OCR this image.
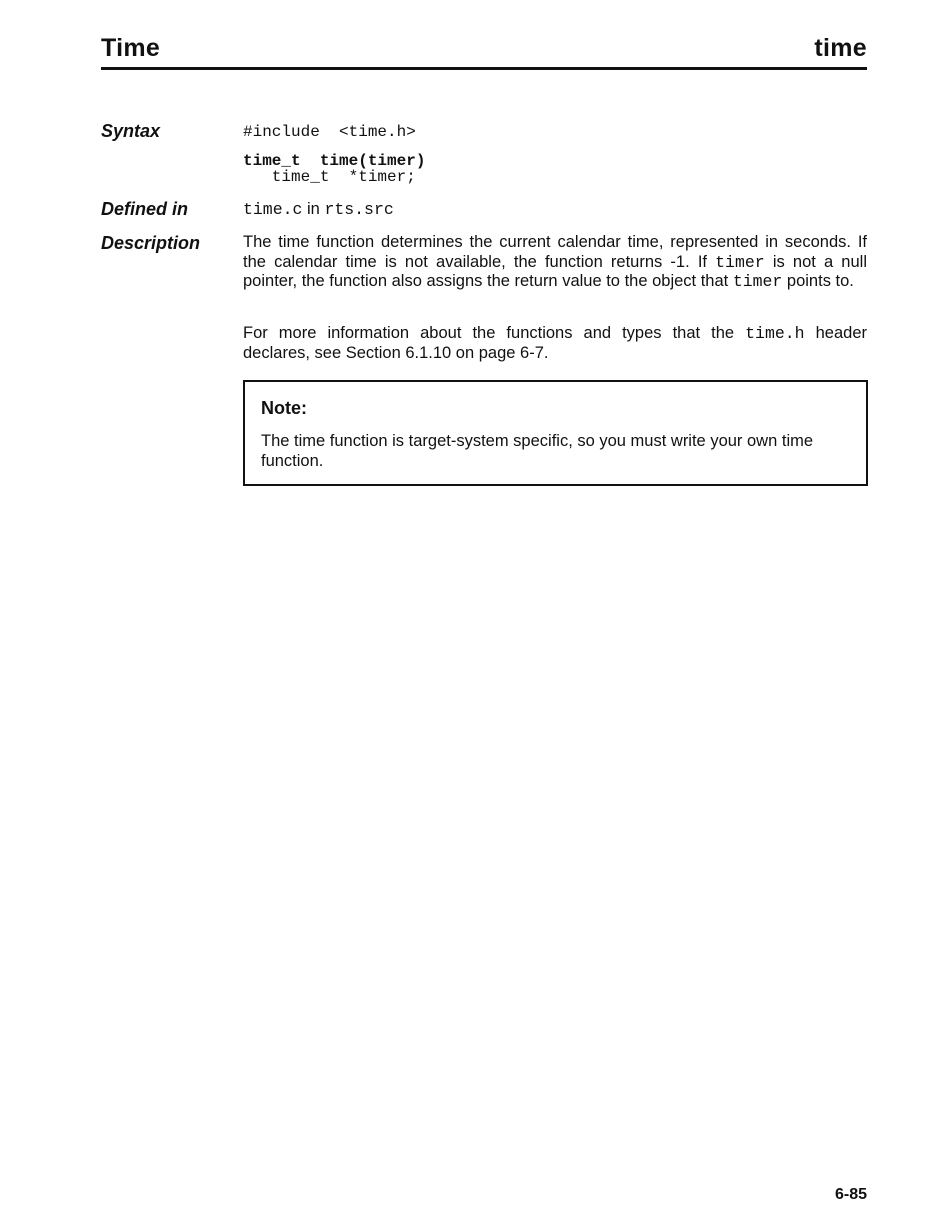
Time	time
Syntax	#include  <time.h>
time_t  time(timer)
time_t  *timer;
Defined in	time.c in rts.src
Description	The time function determines the current calendar time, represented in seconds. If the calendar time is not available, the function returns -1. If timer is not a null pointer, the function also assigns the return value to the object that timer points to.
For more information about the functions and types that the time.h header declares, see Section 6.1.10 on page 6-7.
Note:
The time function is target-system specific, so you must write your own time function.
6-85
